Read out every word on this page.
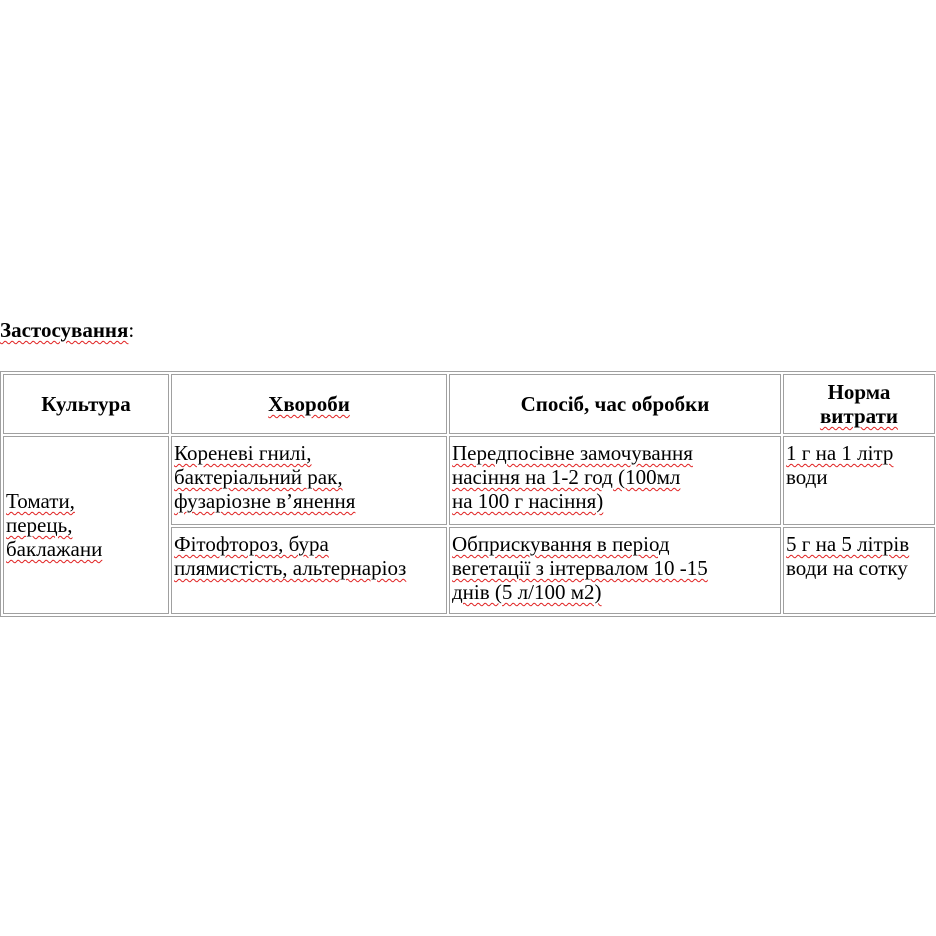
Застосування:
Культура	Хвороби	Спосіб, час обробки	Норма
витрати
Томати,
перець,
баклажани	Кореневі гнилі,
бактеріальний рак,
фузаріозне в’янення	Передпосівне замочування
насіння на 1-2 год (100мл
на 100 г насіння)	1 г на 1 літр
води
	Фітофтороз, бура
плямистість, альтернаріоз	Обприскування в період
вегетації з інтервалом 10 -15
днів (5 л/100 м2)	5 г на 5 літрів
води на сотку
